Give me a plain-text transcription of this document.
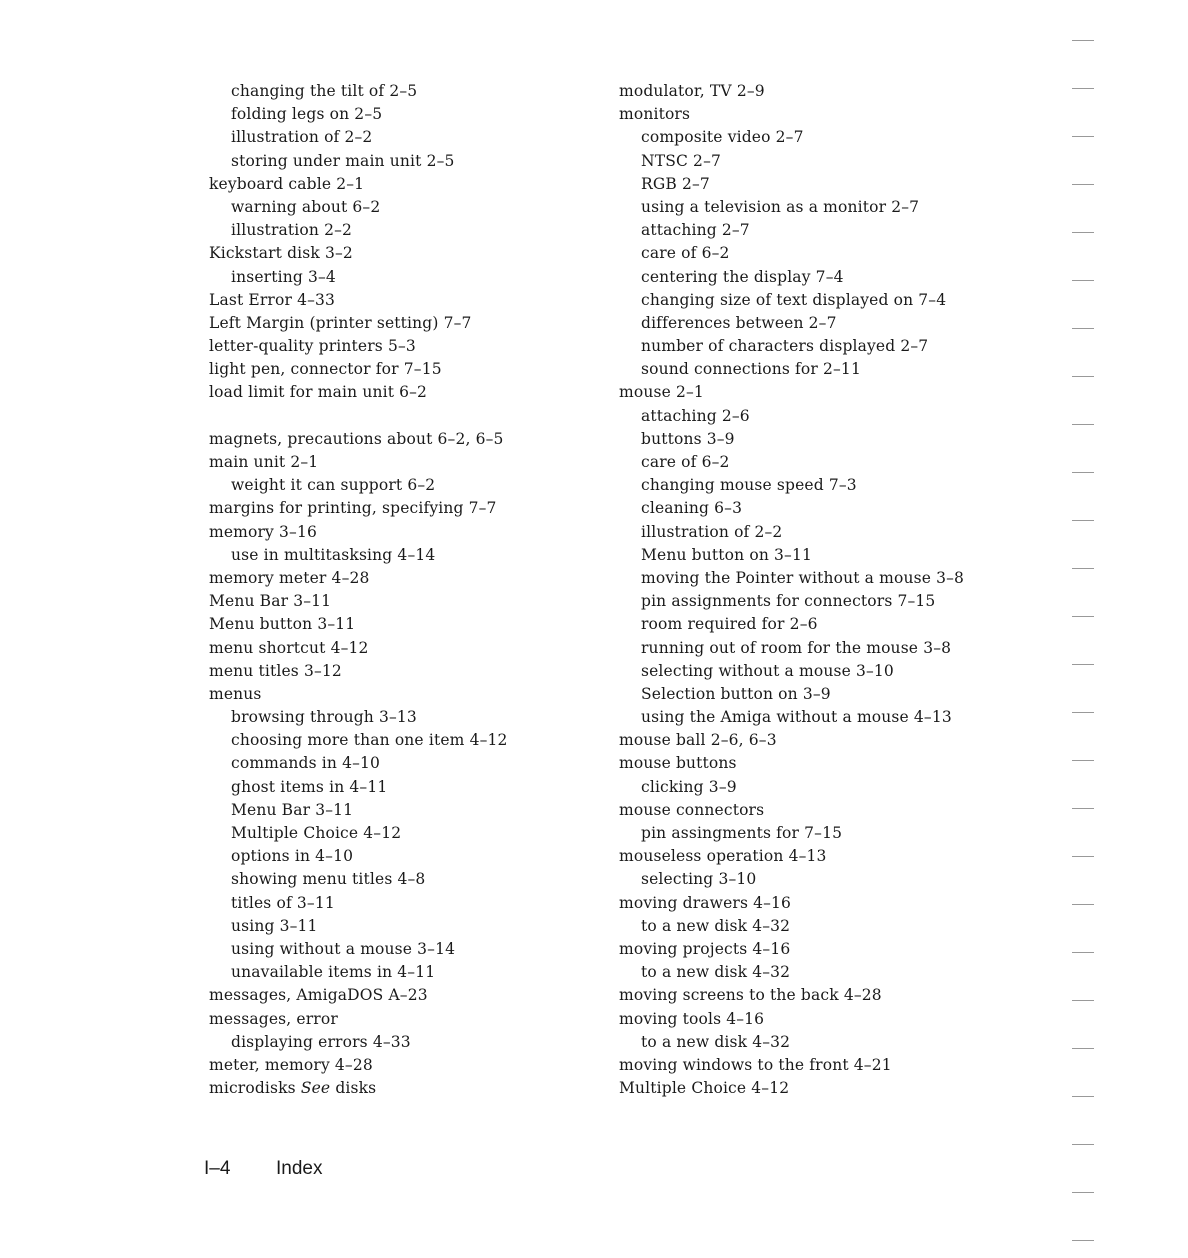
changing the tilt of 2–5
folding legs on 2–5
illustration of 2–2
storing under main unit 2–5
keyboard cable 2–1
warning about 6–2
illustration 2–2
Kickstart disk 3–2
inserting 3–4
Last Error 4–33
Left Margin (printer setting) 7–7
letter-quality printers 5–3
light pen, connector for 7–15
load limit for main unit 6–2
magnets, precautions about 6–2, 6–5
main unit 2–1
weight it can support 6–2
margins for printing, specifying 7–7
memory 3–16
use in multitasksing 4–14
memory meter 4–28
Menu Bar 3–11
Menu button 3–11
menu shortcut 4–12
menu titles 3–12
menus
browsing through 3–13
choosing more than one item 4–12
commands in 4–10
ghost items in 4–11
Menu Bar 3–11
Multiple Choice 4–12
options in 4–10
showing menu titles 4–8
titles of 3–11
using 3–11
using without a mouse 3–14
unavailable items in 4–11
messages, AmigaDOS A–23
messages, error
displaying errors 4–33
meter, memory 4–28
microdisks See disks
modulator, TV 2–9
monitors
composite video 2–7
NTSC 2–7
RGB 2–7
using a television as a monitor 2–7
attaching 2–7
care of 6–2
centering the display 7–4
changing size of text displayed on 7–4
differences between 2–7
number of characters displayed 2–7
sound connections for 2–11
mouse 2–1
attaching 2–6
buttons 3–9
care of 6–2
changing mouse speed 7–3
cleaning 6–3
illustration of 2–2
Menu button on 3–11
moving the Pointer without a mouse 3–8
pin assignments for connectors 7–15
room required for 2–6
running out of room for the mouse 3–8
selecting without a mouse 3–10
Selection button on 3–9
using the Amiga without a mouse 4–13
mouse ball 2–6, 6–3
mouse buttons
clicking 3–9
mouse connectors
pin assingments for 7–15
mouseless operation 4–13
selecting 3–10
moving drawers 4–16
to a new disk 4–32
moving projects 4–16
to a new disk 4–32
moving screens to the back 4–28
moving tools 4–16
to a new disk 4–32
moving windows to the front 4–21
Multiple Choice 4–12
I–4 Index
